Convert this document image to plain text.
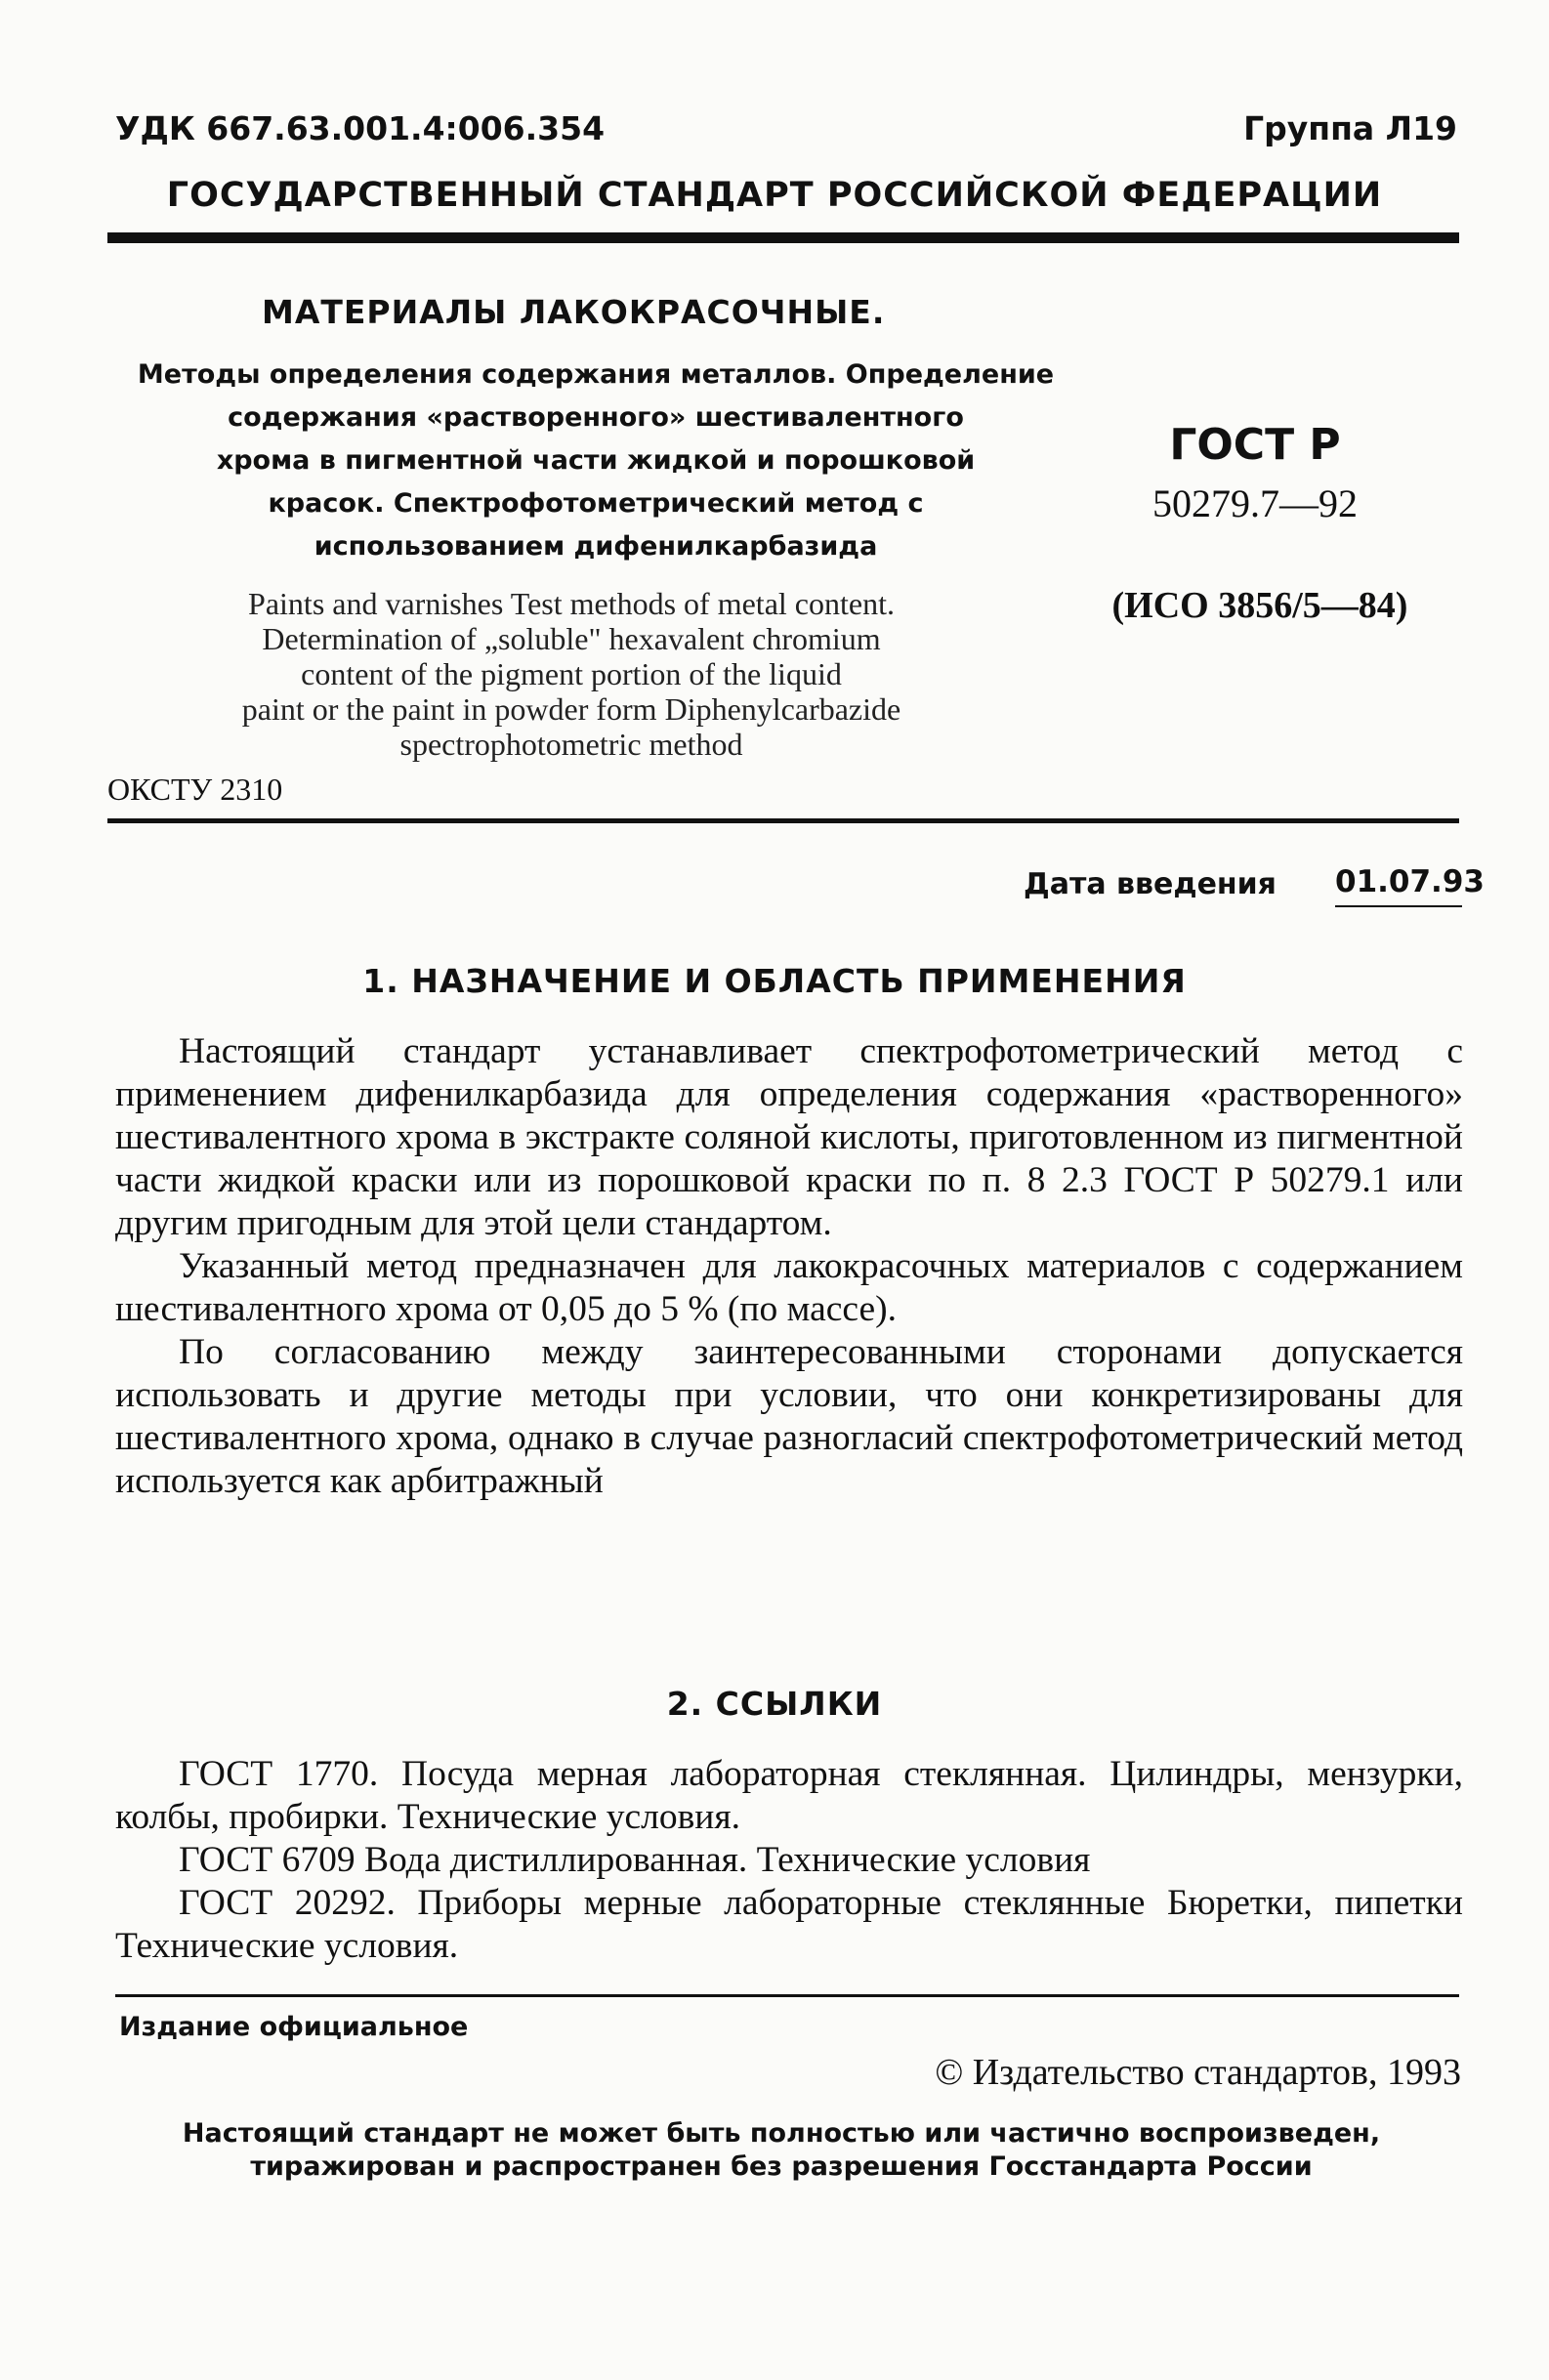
УДК 667.63.001.4:006.354	Группа Л19
ГОСУДАРСТВЕННЫЙ СТАНДАРТ РОССИЙСКОЙ ФЕДЕРАЦИИ
МАТЕРИАЛЫ ЛАКОКРАСОЧНЫЕ.
Методы определения содержания металлов. Определение
содержания «растворенного» шестивалентного
хрома в пигментной части жидкой и порошковой
красок. Спектрофотометрический метод с
использованием дифенилкарбазида
ГОСТ Р
50279.7—92
(ИСО 3856/5—84)
Paints and varnishes Test methods of metal content.
Determination of „soluble" hexavalent chromium
content of the pigment portion of the liquid
paint or the paint in powder form Diphenylcarbazide
spectrophotometric method
ОКСТУ 2310
Дата введения 01.07.93
1. НАЗНАЧЕНИЕ И ОБЛАСТЬ ПРИМЕНЕНИЯ

Настоящий стандарт устанавливает спектрофотометрический метод с применением дифенилкарбазида для определения содержания «растворенного» шестивалентного хрома в экстракте соляной кислоты, приготовленном из пигментной части жидкой краски или из порошковой краски по п. 8 2.3 ГОСТ Р 50279.1 или другим пригодным для этой цели стандартом.

Указанный метод предназначен для лакокрасочных материалов с содержанием шестивалентного хрома от 0,05 до 5 % (по массе).

По согласованию между заинтересованными сторонами допускается использовать и другие методы при условии, что они конкретизированы для шестивалентного хрома, однако в случае разногласий спектрофотометрический метод используется как арбитражный

2. ССЫЛКИ

ГОСТ 1770. Посуда мерная лабораторная стеклянная. Цилиндры, мензурки, колбы, пробирки. Технические условия.

ГОСТ 6709 Вода дистиллированная. Технические условия

ГОСТ 20292. Приборы мерные лабораторные стеклянные Бюретки, пипетки Технические условия.

Издание официальное
© Издательство стандартов, 1993
Настоящий стандарт не может быть полностью или частично воспроизведен,
тиражирован и распространен без разрешения Госстандарта России
